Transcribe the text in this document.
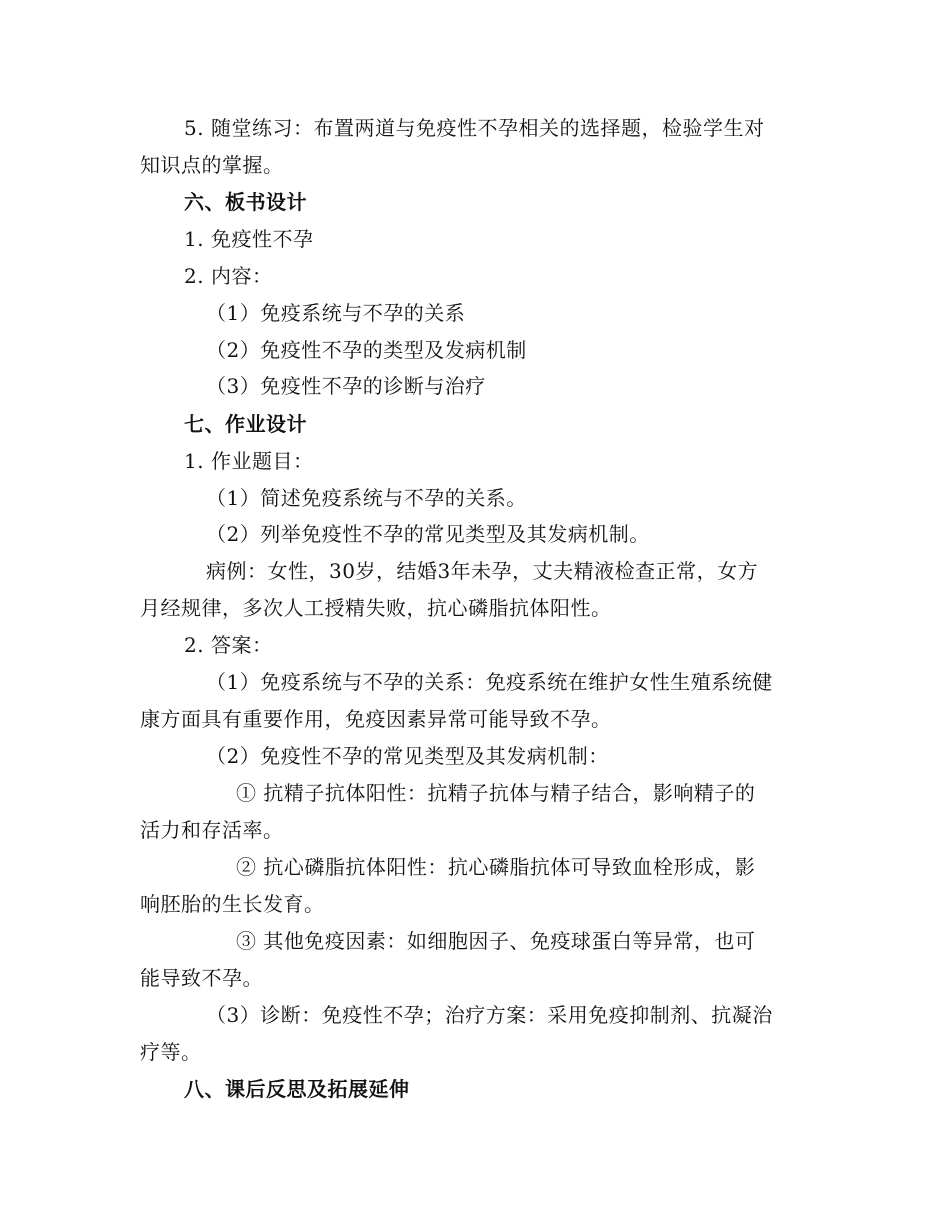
5. 随堂练习：布置两道与免疫性不孕相关的选择题，检验学生对
知识点的掌握。
六、板书设计
1. 免疫性不孕
2. 内容：
（1）免疫系统与不孕的关系
（2）免疫性不孕的类型及发病机制
（3）免疫性不孕的诊断与治疗
七、作业设计
1. 作业题目：
（1）简述免疫系统与不孕的关系。
（2）列举免疫性不孕的常见类型及其发病机制。
病例：女性，30岁，结婚3年未孕，丈夫精液检查正常，女方
月经规律，多次人工授精失败，抗心磷脂抗体阳性。
2. 答案：
（1）免疫系统与不孕的关系：免疫系统在维护女性生殖系统健
康方面具有重要作用，免疫因素异常可能导致不孕。
（2）免疫性不孕的常见类型及其发病机制：
① 抗精子抗体阳性：抗精子抗体与精子结合，影响精子的
活力和存活率。
② 抗心磷脂抗体阳性：抗心磷脂抗体可导致血栓形成，影
响胚胎的生长发育。
③ 其他免疫因素：如细胞因子、免疫球蛋白等异常，也可
能导致不孕。
（3）诊断：免疫性不孕；治疗方案：采用免疫抑制剂、抗凝治
疗等。
八、课后反思及拓展延伸
